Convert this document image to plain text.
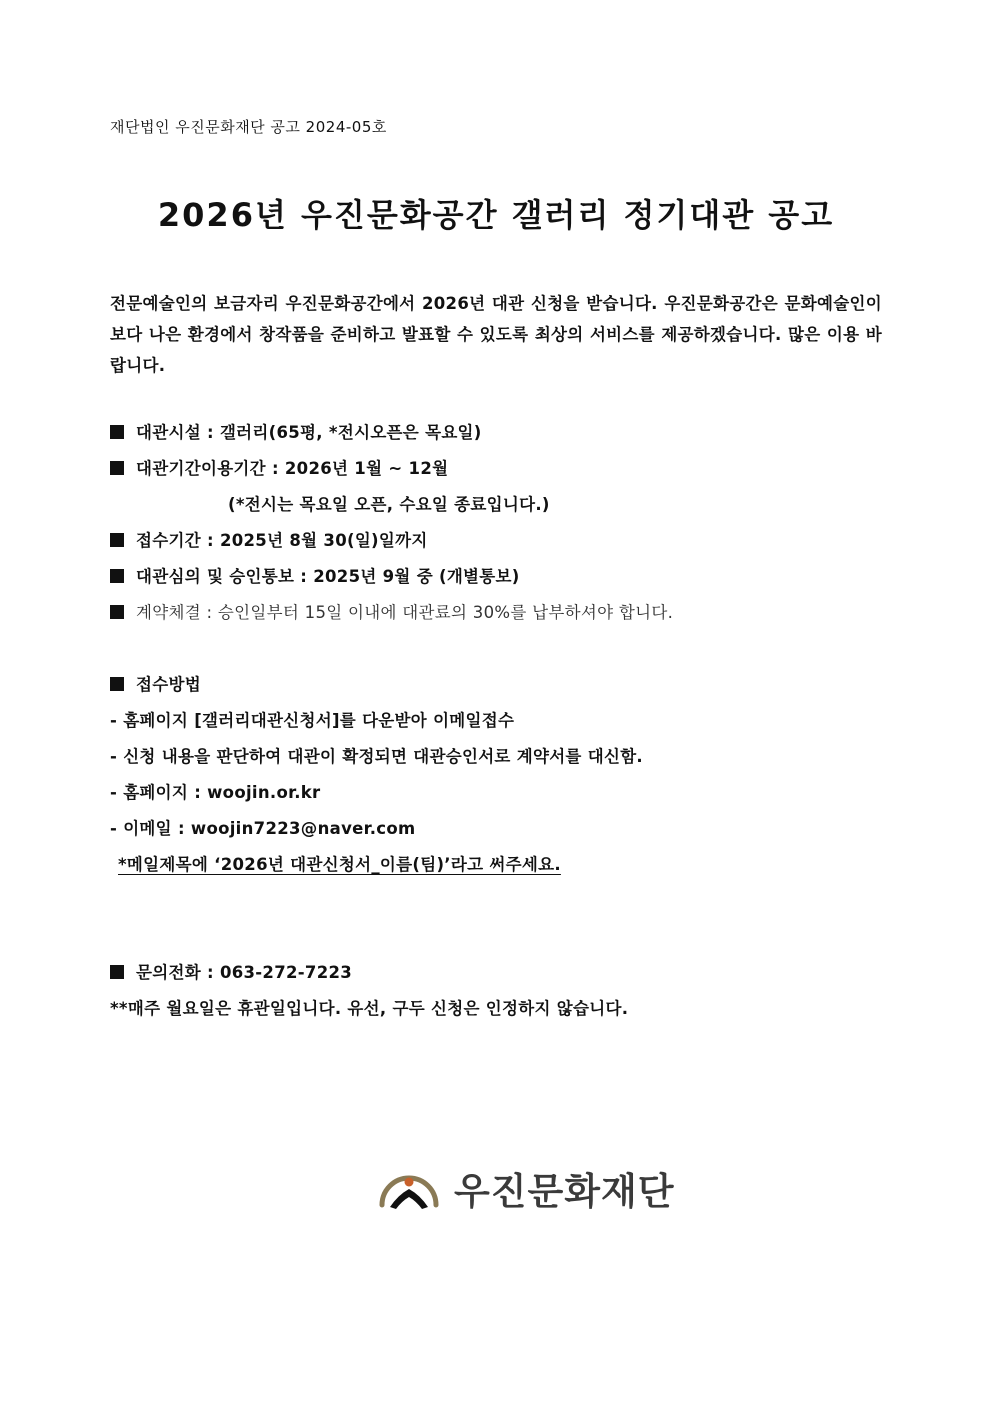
재단법인 우진문화재단 공고 2024-05호
2026년 우진문화공간 갤러리 정기대관 공고
전문예술인의 보금자리 우진문화공간에서 2026년 대관 신청을 받습니다. 우진문화공간은 문화예술인이 보다 나은 환경에서 창작품을 준비하고 발표할 수 있도록 최상의 서비스를 제공하겠습니다. 많은 이용 바랍니다.
대관시설 : 갤러리(65평, *전시오픈은 목요일)
대관기간이용기간 : 2026년 1월 ~ 12월
(*전시는 목요일 오픈, 수요일 종료입니다.)
접수기간 : 2025년 8월 30(일)일까지
대관심의 및 승인통보 : 2025년 9월 중 (개별통보)
계약체결 : 승인일부터 15일 이내에 대관료의 30%를 납부하셔야 합니다.
접수방법
- 홈페이지 [갤러리대관신청서]를 다운받아 이메일접수
- 신청 내용을 판단하여 대관이 확정되면 대관승인서로 계약서를 대신함.
- 홈페이지 : woojin.or.kr
- 이메일 : woojin7223@naver.com
*메일제목에 ‘2026년 대관신청서_이름(팀)’라고 써주세요.
문의전화 : 063-272-7223
**매주 월요일은 휴관일입니다. 유선, 구두 신청은 인정하지 않습니다.
우진문화재단
